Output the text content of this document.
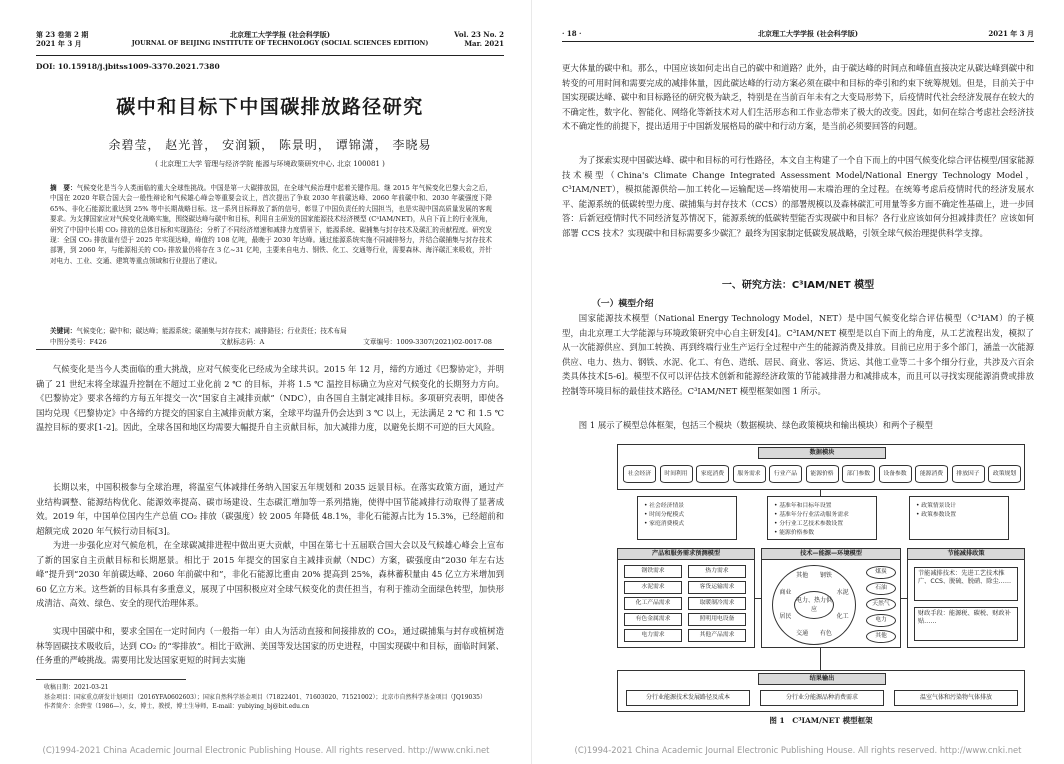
第 23 卷第 2 期
2021 年 3 月
北京理工大学学报 (社会科学版)
JOURNAL OF BEIJING INSTITUTE OF TECHNOLOGY (SOCIAL SCIENCES EDITION)
Vol. 23 No. 2
Mar. 2021
DOI: 10.15918/j.jbitss1009-3370.2021.7380
碳中和目标下中国碳排放路径研究
余碧莹， 赵光普， 安润颖， 陈景明， 谭锦潇， 李晓易
( 北京理工大学 管理与经济学院 能源与环境政策研究中心, 北京 100081 )
摘　要：气候变化是当今人类面临的重大全球性挑战。中国是第一大碳排放国，在全球气候治理中起着关键作用。继 2015 年气候变化巴黎大会之后，中国在 2020 年联合国大会一般性辩论和气候雄心峰会等重要会议上，首次提出了争取 2030 年前碳达峰、2060 年前碳中和、2030 年碳强度下降 65%、非化石能源比重达到 25% 等中长期战略目标。这一系列目标释放了新的信号，彰显了中国负责任的大国担当，也是实现中国高质量发展的客观要求。为支撑国家应对气候变化战略实施，围绕碳达峰与碳中和目标，利用自主研发的国家能源技术经济模型 (C³IAM/NET)，从自下而上的行业视角，研究了中国中长期 CO₂ 排放的总体目标和实现路径；分析了不同经济增速和减排力度情景下，能源系统、碳捕集与封存技术及碳汇的贡献程度。研究发现：全国 CO₂ 排放量有望于 2025 年实现达峰，峰值约 108 亿吨，最晚于 2030 年达峰。通过能源系统实施不同减排努力，并结合碳捕集与封存技术部署，到 2060 年，与能源相关的 CO₂ 排放量仍将存在 3 亿~31 亿吨，主要来自电力、钢铁、化工、交通等行业，需要森林、海洋碳汇来吸收，并针对电力、工业、交通、建筑等重点领域和行业提出了建议。
关键词：气候变化；碳中和；碳达峰；能源系统；碳捕集与封存技术；减排路径；行业责任；技术布局
中图分类号：F426	文献标志码：A	文章编号：1009-3307(2021)02-0017-08

气候变化是当今人类面临的重大挑战，应对气候变化已经成为全球共识。2015 年 12 月，缔约方通过《巴黎协定》，并明确了 21 世纪末将全球温升控制在不超过工业化前 2 ℃ 的目标，并将 1.5 ℃ 温控目标确立为应对气候变化的长期努力方向。《巴黎协定》要求各缔约方每五年提交一次“国家自主减排贡献”（NDC），由各国自主制定减排目标。多项研究表明，即使各国均兑现《巴黎协定》中各缔约方提交的国家自主减排贡献方案，全球平均温升仍会达到 3 ℃ 以上，无法满足 2 ℃ 和 1.5 ℃ 温控目标的要求[1-2]。因此，全球各国和地区均需要大幅提升自主贡献目标，加大减排力度，以避免长期不可逆的巨大风险。

长期以来，中国积极参与全球治理，将温室气体减排任务纳入国家五年规划和 2035 远景目标。在落实政策方面，通过产业结构调整、能源结构优化、能源效率提高、碳市场建设、生态碳汇增加等一系列措施，使得中国节能减排行动取得了显著成效。2019 年，中国单位国内生产总值 CO₂ 排放（碳强度）较 2005 年降低 48.1%，非化石能源占比为 15.3%，已经超前和超额完成 2020 年气候行动目标[3]。

为进一步强化应对气候危机，在全球碳减排进程中做出更大贡献，中国在第七十五届联合国大会以及气候雄心峰会上宣布了新的国家自主贡献目标和长期愿景。相比于 2015 年提交的国家自主减排贡献（NDC）方案，碳强度由“2030 年左右达峰”提升到“2030 年前碳达峰、2060 年前碳中和”，非化石能源比重由 20% 提高到 25%，森林蓄积量由 45 亿立方米增加到 60 亿立方米。这些新的目标具有多重意义，展现了中国积极应对全球气候变化的责任担当，有利于推动全面绿色转型，加快形成清洁、高效、绿色、安全的现代治理体系。

实现中国碳中和，要求全国在一定时间内（一般指一年）由人为活动直接和间接排放的 CO₂，通过碳捕集与封存或植树造林等固碳技术吸收后，达到 CO₂ 的“零排放”。相比于欧洲、美国等发达国家的历史进程，中国实现碳中和目标，面临时间紧、任务重的严峻挑战。需要用比发达国家更短的时间去实施

收稿日期：2021-03-21
基金项目：国家重点研发计划项目（2016YFA0602603）；国家自然科学基金项目（71822401、71603020、71521002）；北京市自然科学基金项目（JQ19035）
作者简介：余碧莹（1986—），女，博士，教授，博士生导师，E-mail：yubiying_bj@bit.edu.cn
(C)1994-2021 China Academic Journal Electronic Publishing House. All rights reserved. http://www.cnki.net
· 18 ·	北京理工大学学报 (社会科学版)	2021 年 3 月

更大体量的碳中和。那么，中国应该如何走出自己的碳中和道路？此外，由于碳达峰的时间点和峰值直接决定从碳达峰到碳中和转变的可用时间和需要完成的减排体量，因此碳达峰的行动方案必须在碳中和目标的牵引和约束下统筹规划。但是，目前关于中国实现碳达峰、碳中和目标路径的研究极为缺乏，特别是在当前百年未有之大变局形势下，后疫情时代社会经济发展存在较大的不确定性，数字化、智能化、网络化等新技术对人们生活形态和工作业态带来了极大的改变。因此，如何在综合考虑社会经济技术不确定性的前提下，提出适用于中国新发展格局的碳中和行动方案，是当前必须要回答的问题。

为了探索实现中国碳达峰、碳中和目标的可行性路径，本文自主构建了一个自下而上的中国气候变化综合评估模型/国家能源技术模型（China's Climate Change Integrated Assessment Model/National Energy Technology Model，C³IAM/NET），模拟能源供给—加工转化—运输配送—终端使用—末端治理的全过程。在统筹考虑后疫情时代的经济发展水平、能源系统的低碳转型力度、碳捕集与封存技术（CCS）的部署规模以及森林碳汇可用量等多方面不确定性基础上，进一步回答：后新冠疫情时代不同经济复苏情况下，能源系统的低碳转型能否实现碳中和目标？各行业应该如何分担减排责任？应该如何部署 CCS 技术？实现碳中和目标需要多少碳汇？最终为国家制定低碳发展战略，引领全球气候治理提供科学支撑。

一、研究方法：C³IAM/NET 模型
（一）模型介绍

国家能源技术模型（National Energy Technology Model，NET）是中国气候变化综合评估模型（C³IAM）的子模型，由北京理工大学能源与环境政策研究中心自主研发[4]。C³IAM/NET 模型是以自下而上的角度，从工艺流程出发，模拟了从一次能源供应、到加工转换、再到终端行业生产运行全过程中产生的能源消费及排放。目前已应用于多个部门，涵盖一次能源供应、电力、热力、钢铁、水泥、化工、有色、造纸、居民、商业、客运、货运、其他工业等二十多个细分行业，共涉及六百余类具体技术[5-6]。模型不仅可以评估技术创新和能源经济政策的节能减排潜力和减排成本，而且可以寻找实现能源消费或排放控制等环境目标的最佳技术路径。C³IAM/NET 模型框架如图 1 所示。

图 1 展示了模型总体框架，包括三个模块（数据模块、绿色政策模块和输出模块）和两个子模型

(C)1994-2021 China Academic Journal Electronic Publishing House. All rights reserved. http://www.cnki.net
数据模块
社会经济	时间利用	家庭消费	服务需求	行业产品	能源价格	部门参数	设备参数	能源消费	排放因子	政策规划
• 社会经济情景
• 时间分配模式
• 家庭消费模式
• 基准年和目标年设置
• 基准年分行业活动服务需求
• 分行业工艺技术参数设置
• 能源价格参数
• 政策情景设计
• 政策参数设置
产品和服务需求预测模型
钢铁需求	热力需求
水泥需求	客货运输需求
化工产品需求	取暖制冷需求
有色金属需求	照明用电设备
电力需求	其他产品需求
技术—能源—环境模型
其他	钢铁
水泥
化工
有色
交通
居民
商业
电力、热力供应
煤炭
石油
天然气
电力
其他
节能减排政策
节能减排技术：先进工艺技术推广、CCS、脱硫、脱硝、除尘……
财政手段：能源税、碳税、财政补贴……
结果输出
分行业能源技术发展路径及成本	分行业分能源品种消费需求	温室气体和污染物气体排放
图 1　C³IAM/NET 模型框架
